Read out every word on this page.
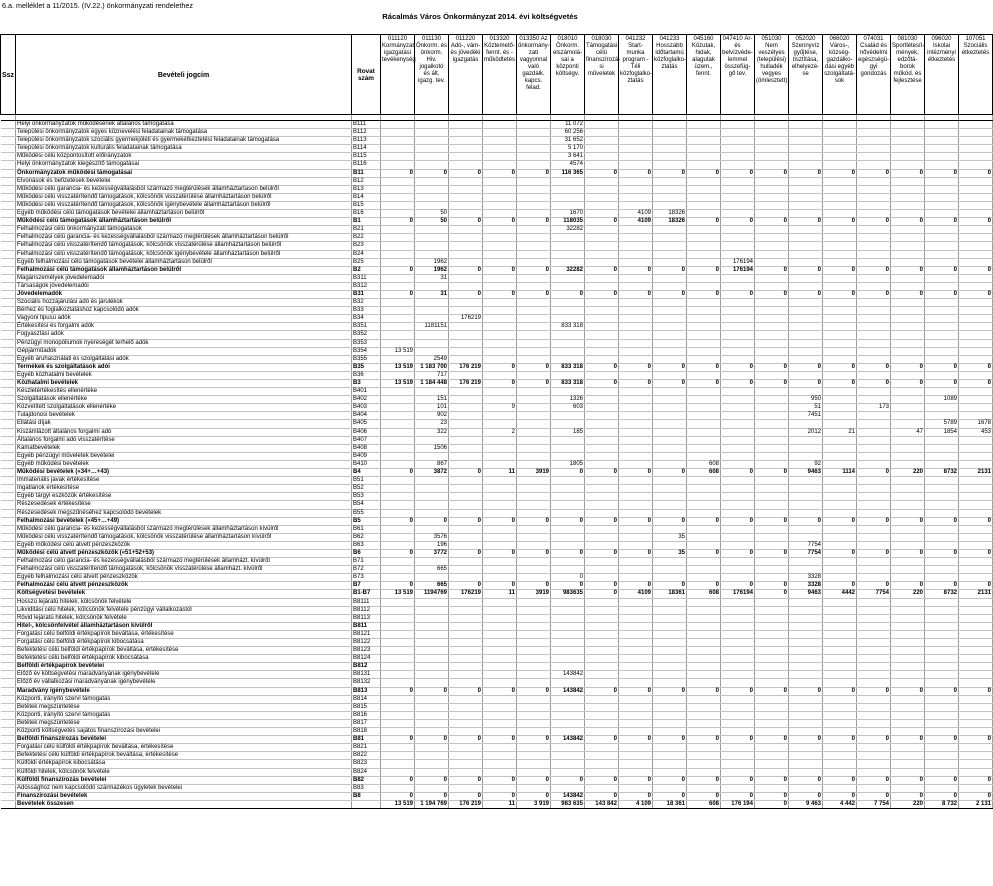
6.a. melléklet a 11/2015. (IV.22.) önkormányzati rendelethez
Rácalmás Város Önkormányzat 2014. évi költségvetés
Ssz	Bevételi jogcím	Rovat szám	011120 Kormányzati igazgatási tevékenység	011130 Önkorm. és önkorm. Hiv. jogalkotó és ált. igazg. tev.	011220 Adó-, vám- és jövedéki igazgatás	013320 Köztemető-fennt. és - működtetés	013350 Az önkormány-zati vagyonnal való gazdálk. kapcs. felad.	018010 Önkorm. elszámolá-sai a központi költségv.	018030 Támogatási célú finanszírozá-si műveletek	041232 Start-munka program - Téli közfoglalko-ztatás	041233 Hosszabb időtartamú közfoglalko-ztatás	045160 Közutak, hidak, alagutak üzem., fennt.	047410 Ár- és belvízvéde-lemmel összefüg-gő tev.	051030 Nem veszélyes (települési) hulladék vegyes (ömlesztett)	052020 Szennyvíz gyűjtése, tisztítása, elhelyezé-se	066020 Város-, község-gazdálko-dási egyéb szolgáltatá-sok	074031 Család és nővédelmi egészségü-gyi gondozás	081030 Sportlétesít-mények, edzőtá-borok működ. és fejlesztése	096020 Iskolai intézményi étkeztetés	107051 Szociális étkeztetés

	Helyi önkormányzatok működésének általános támogatása	B111						11 072												
	Települési önkormányzatok egyes köznevelési feladatainak támogatása	B112						60 256												
	Települési önkormányzatok szociális gyermekjóléti és gyermekétkeztetési feladatainak támogatása	B113						31 652												
	Települési önkormányzatok kulturális feladatainak támogatása	B114						5 170												
	Működési célú központosított előirányzatok	B115						3 641												
	Helyi önkormányzatok kiegészítő támogatásai	B116						4574												
	Önkormányzatok működési támogatásai	B11	0	0	0	0	0	116 365	0	0	0	0	0	0	0	0	0	0	0	0
	Elvonások és befizetések bevételei	B12																		
	Működési célú garancia- és kezességvállalásból származó megtérülések államháztartason belülről	B13																		
	Működési célú visszatérítendő támogatások, kölcsönök visszatérülése államháztartáson belülről	B14																		
	Működési célú visszatérítendő támogatások, kölcsönök igénybevétele államháztartáson belülről	B15																		
	Egyéb működési célú támogatások bevételei államháztartáson belülről	B16		50				1670		4109	18326									
	Működési célú támogatások államháztartáson belülről	B1	0	50	0	0	0	118035	0	4109	18326	0	0	0	0	0	0	0	0	0
	Felhalmozási célú önkormányzati támogatások	B21						32282												
	Felhalmozási célú garancia- és kezességvállalásból származó megtérülések államháztartáson belülről	B22																		
	Felhalmozási célú visszatérítendő támogatások, kölcsönök visszatérülése államháztartáson belülről	B23																		
	Felhalmozási célú visszatérítendő támogatások, kölcsönök igénybevétele államháztartáson belülről	B24																		
	Egyéb felhalmozási célú támogatások bevételei államháztartáson belülről	B25		1962									176194							
	Felhalmozási célú támogatások államháztartáson belülről	B2	0	1962	0	0	0	32282	0	0	0	0	176194	0	0	0	0	0	0	0
	Magánszemélyek jövedelemadói	B311		31																
	Társaságok jövedelemadói	B312																		
	Jövedelemadók	B31	0	31	0	0	0	0	0	0	0	0	0	0	0	0	0	0	0	0
	Szociális hozzájárulási adó és járulékok	B32																		
	Bérhez és foglalkoztatáshoz kapcsolódó adók	B33																		
	Vagyoni tipusú adók	B34			176219															
	Értékesítési és forgalmi adók	B351		1181151				833 318												
	Fogyasztási adók	B352																		
	Pénzügyi monopóliumok nyereségét terhelő adók	B353																		
	Gépjárműadók	B354	13 519																	
	Egyéb áruhasználati és szolgáltatási adók	B355		2549																
	Termékek és szolgáltatások adói	B35	13 519	1 183 700	176 219	0	0	833 318	0	0	0	0	0	0	0	0	0	0	0	0
	Egyéb közhatalmi bevételek	B36		717																
	Közhatalmi bevételek	B3	13 519	1 184 448	176 219	0	0	833 318	0	0	0	0	0	0	0	0	0	0	0	0
	Készletértékesítés ellenértéke	B401																		
	Szolgáltatások ellenértéke	B402		151				1326							950				1089	
	Közvetített szolgáltatások ellenértéke	B403		101		9		603							51		173			
	Tulajdonosi bevételek	B404		902											7451					
	Ellátási díjak	B405		23															5789	1678
	Kiszámlázott általános forgalmi adó	B406		322		2		185							2012	21		47	1854	453
	Általános forgalmi adó visszatérítése	B407																		
	Kamatbevételek	B408		1506																
	Egyéb pénzügyi műveletek bevételei	B409																		
	Egyéb működési bevételek	B410		867				1805				608			92					
	Működési bevételek («34+…+43)	B4	0	3872	0	11	3919	0	0	0	0	608	0	0	9463	1114	0	220	8732	2131
	Immateriális javak értékesítése	B51																		
	Ingatlanok értékesítése	B52																		
	Egyéb tárgyi eszközök értékesítése	B53																		
	Részesedések értékesítése	B54																		
	Részesedések megszűnéséhez kapcsolódó bevételek	B55																		
	Felhalmozási bevételek («45+…+49)	B5	0	0	0	0	0	0	0	0	0	0	0	0	0	0	0	0	0	0
	Működési célú garancia- és kezességvállalásból származó megtérülések államháztartáson kívülről	B61																		
	Működési célú visszatérítendő támogatások, kölcsönök visszatérülése államháztartáson kívülről	B62		3576							35									
	Egyéb működési célú átvett pénzeszközök	B63		196											7754					
	Működési célú átvett pénzeszközök («51+52+53)	B6	0	3772	0	0	0	0	0	0	35	0	0	0	7754	0	0	0	0	0
	Felhalmozási célú garancia- és kezességvállalásból származó megtérülések államházt. kívülről	B71																		
	Felhalmozási célú visszatérítendő támogatások, kölcsönök visszatérülése államházt. kívülről	B72		665																
	Egyéb felhalmozási célú átvett pénzeszközök	B73						0							3328					
	Felhalmozási célú átvett pénzeszközök	B7	0	665	0	0	0	0	0	0	0	0	0	0	3328	0	0	0	0	0
	Költségvetési bevételek	B1-B7	13 519	1194769	176219	11	3919	983635	0	4109	18361	608	176194	0	9463	4442	7754	220	8732	2131
	Hosszú lejáratú hitelek, kölcsönök felvétele	B8111																		
	Likviditási célú hitelek, kölcsönök felvétele pénzügyi vállalkozástól	B8112																		
	Rövid lejáratú hitelek, kölcsönök felvétele	B8113																		
	Hitel-, kölcsönfelvétel államháztartáson kívülről	B811																		
	Forgatási célú belföldi értékpapírok beváltása, értékesítése	B8121																		
	Forgatási célú belföldi értékpapírok kibocsátása	B8122																		
	Befektetési célú belföldi értékpapírok beváltása, értékesítése	B8123																		
	Befektetési célú belföldi értékpapírok kibocsátása	B8124																		
	Belföldi értékpapírok bevételei	B812																		
	Előző év költségvetési maradványának igénybevétele	B8131						143842												
	Előző év vállalkozási maradványának igénybevétele	B8132																		
	Maradvány igénybevétele	B813	0	0	0	0	0	143842	0	0	0	0	0	0	0	0	0	0	0	0
	Központi, irányító szervi támogatás	B814																		
	Betétek megszüntetése	B815																		
	Központi, irányító szervi támogatás	B816																		
	Betétek megszüntetése	B817																		
	Központi költségvetés sajátos finanszírozási bevételei	B818																		
	Belföldi finanszírozás bevételei	B81	0	0	0	0	0	143842	0	0	0	0	0	0	0	0	0	0	0	0
	Forgatási célú külföldi értékpapírok beváltása, értékesítése	B821																		
	Befektetési célú külföldi értékpapírok beváltása, értékesítése	B822																		
	Külföldi értékpapírok kibocsátása	B823																		
	Külföldi hitelek, kölcsönök felvétele	B824																		
	Külföldi finanszírozás bevételei	B82	0	0	0	0	0	0	0	0	0	0	0	0	0	0	0	0	0	0
	Adóssághoz nem kapcsolódó származékos ügyletek bevételei	B83																		
	Finanszírozási bevételek	B8	0	0	0	0	0	143842	0	0	0	0	0	0	0	0	0	0	0	0
	Bevételek összesen		13 519	1 194 769	176 219	11	3 919	983 635	143 842	4 109	18 361	608	176 194	0	9 463	4 442	7 754	220	8 732	2 131
